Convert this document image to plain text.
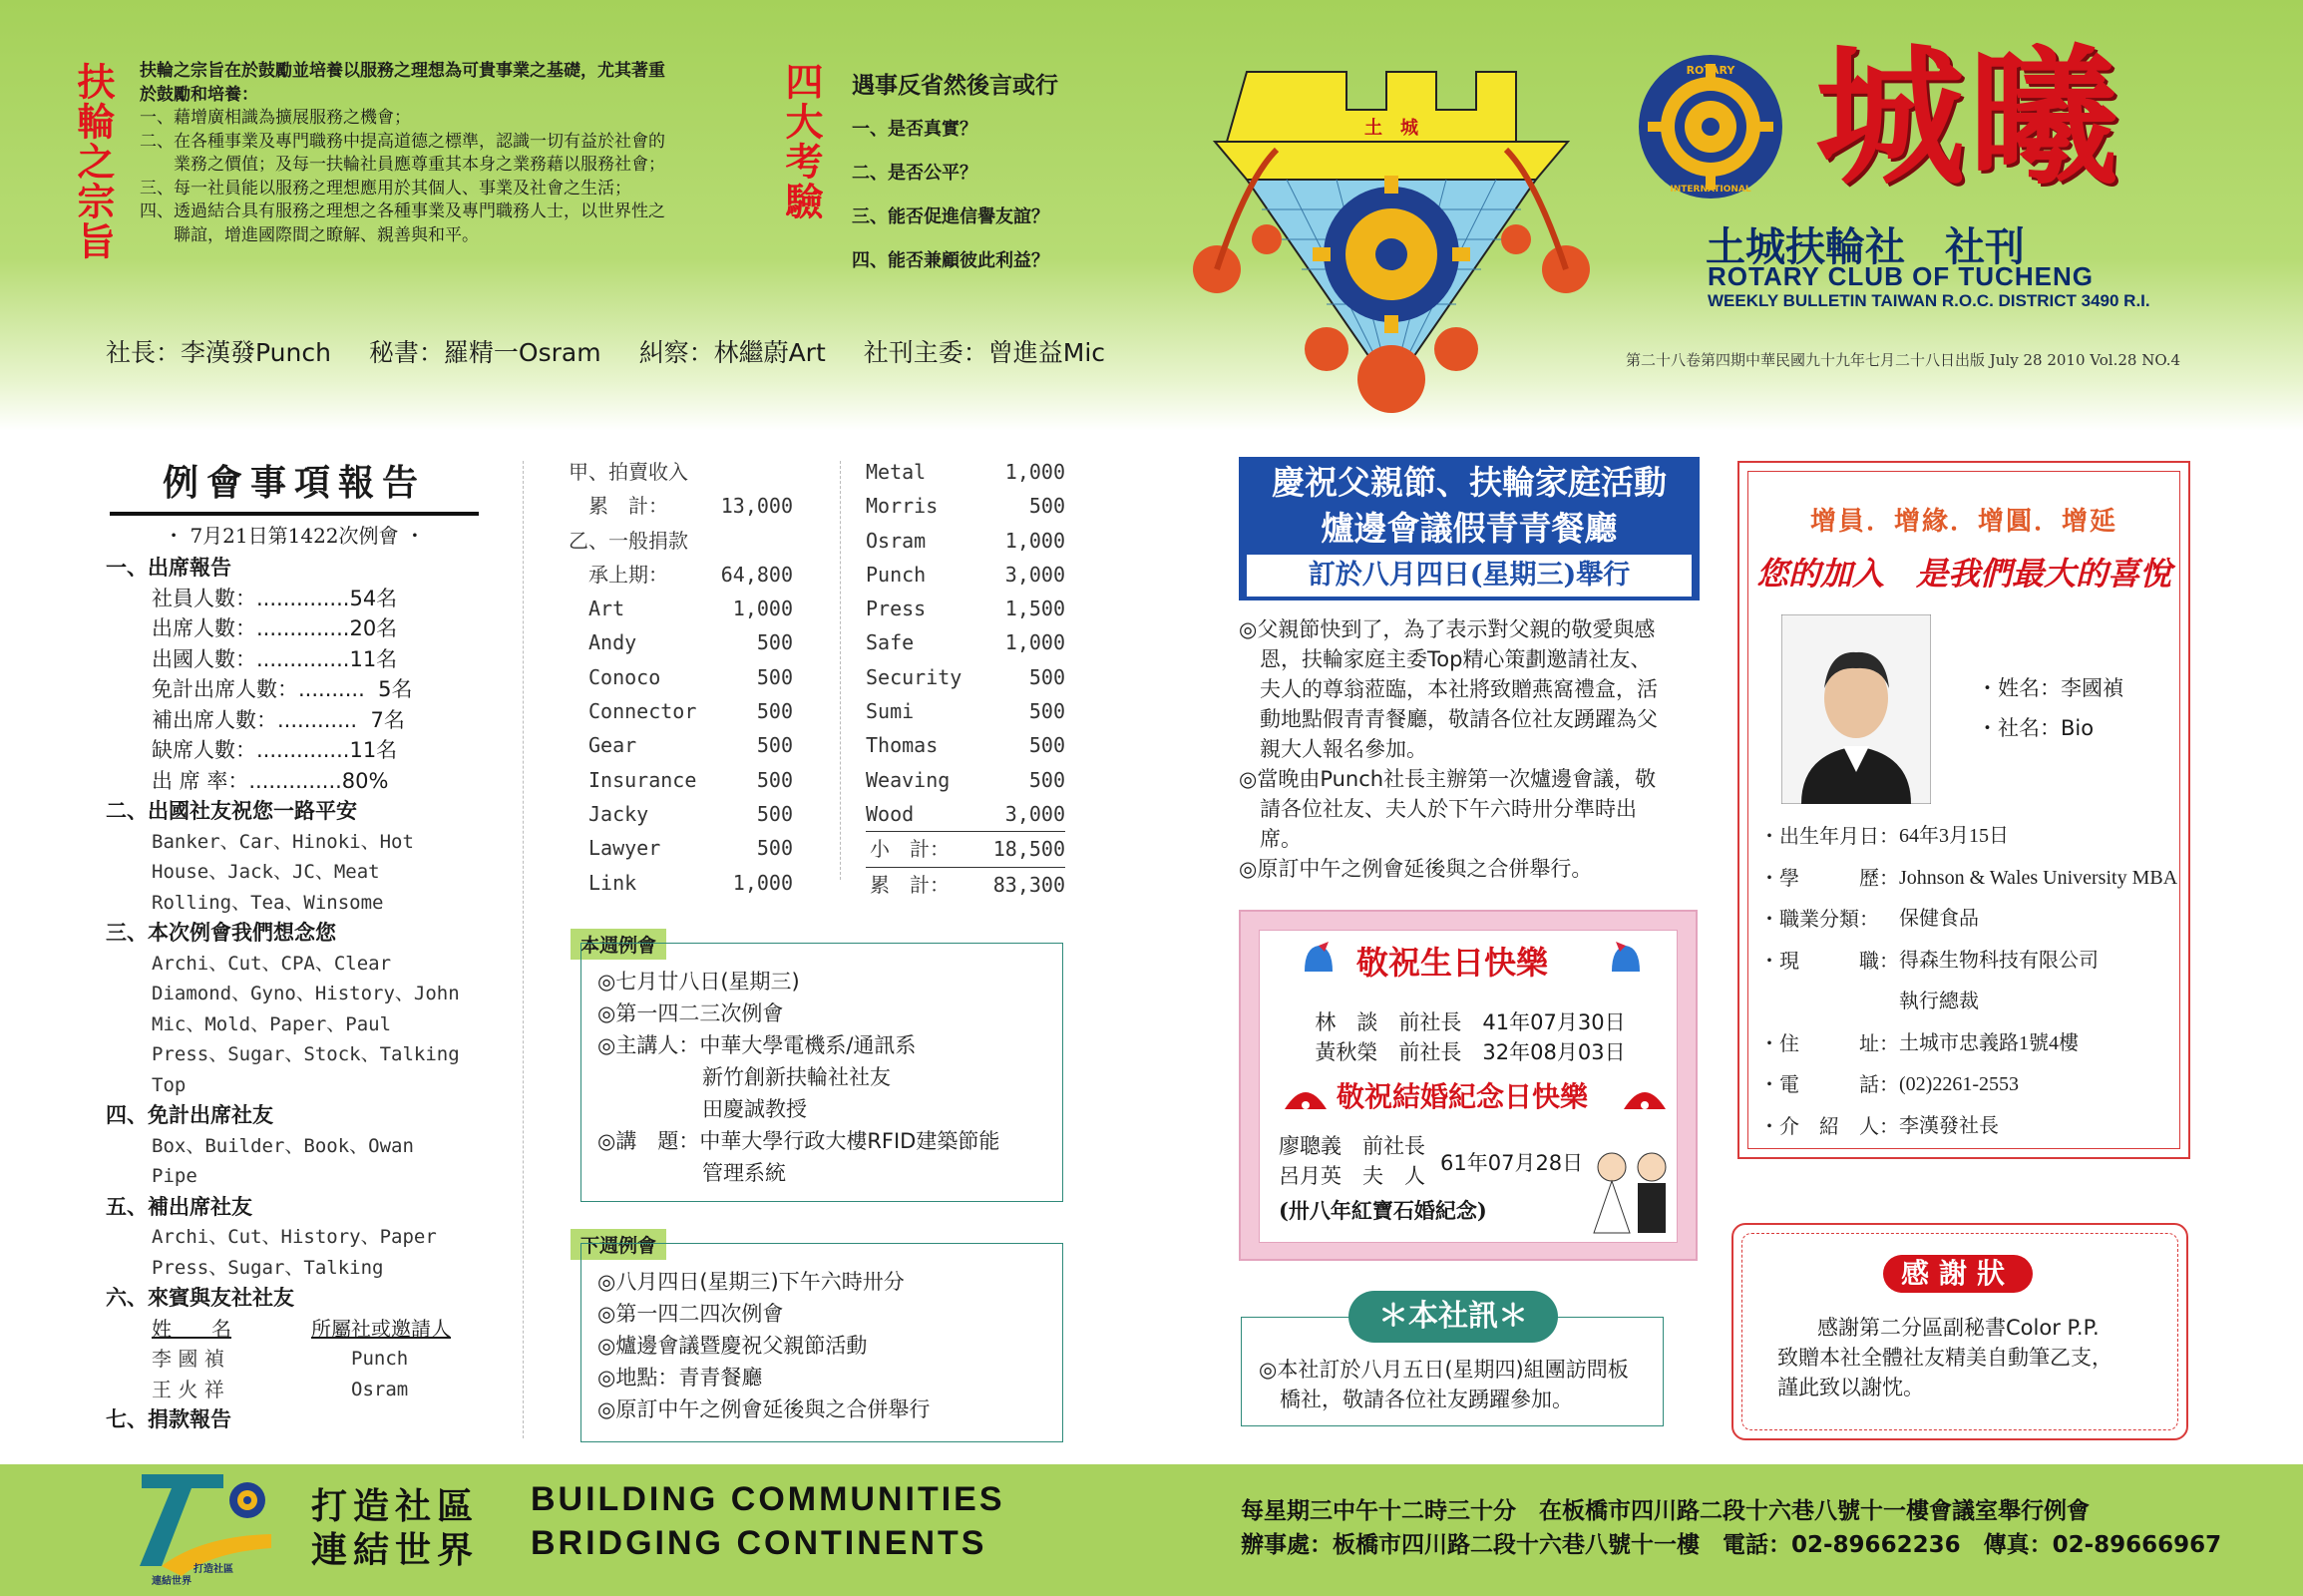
扶輪之宗旨 扶輪之宗旨在於鼓勵並培養以服務之理想為可貴事業之基礎，尤其著重
於鼓勵和培養：
一、藉增廣相識為擴展服務之機會；
二、在各種事業及專門職務中提高道德之標準，認識一切有益於社會的
　　業務之價值；及每一扶輪社員應尊重其本身之業務藉以服務社會；
三、每一社員能以服務之理想應用於其個人、事業及社會之生活；
四、透過結合具有服務之理想之各種事業及專門職務人士，以世界性之
　　聯誼，增進國際間之瞭解、親善與和平。
四大考驗 遇事反省然後言或行
一、是否真實？
二、是否公平？
三、能否促進信譽友誼？
四、能否兼顧彼此利益？
社長：李漢發Punch 秘書：羅精一Osram 糾察：林繼蔚Art 社刊主委：曾進益Mic
土　城
ROTARY
INTERNATIONAL 城曦
土城扶輪社　社刊
ROTARY CLUB OF TUCHENG
WEEKLY BULLETIN TAIWAN R.O.C. DISTRICT 3490 R.I.
第二十八卷第四期中華民國九十九年七月二十八日出版 July 28 2010 Vol.28 NO.4
例會事項報告
・ 7月21日第1422次例會 ・
一、出席報告
社員人數：..............54名
出席人數：..............20名
出國人數：..............11名
免計出席人數：..........  5名
補出席人數：............  7名
缺席人數：..............11名
出 席 率：..............80%
二、出國社友祝您一路平安
Banker、Car、Hinoki、Hot
House、Jack、JC、Meat
Rolling、Tea、Winsome
三、本次例會我們想念您
Archi、Cut、CPA、Clear
Diamond、Gyno、History、John
Mic、Mold、Paper、Paul
Press、Sugar、Stock、Talking
Top
四、免計出席社友
Box、Builder、Book、Owan
Pipe
五、補出席社友
Archi、Cut、History、Paper
Press、Sugar、Talking
六、來賓與友社社友
姓　　名	所屬社或邀請人
李 國 禎	Punch
王 火 祥	Osram
七、捐款報告
甲、拍賣收入
　累　計：	13,000
乙、一般捐款
　承上期：	64,800
　Art	1,000
　Andy	500
　Conoco	500
　Connector	500
　Gear	500
　Insurance	500
　Jacky	500
　Lawyer	500
　Link	1,000
Metal	1,000
Morris	500
Osram	1,000
Punch	3,000
Press	1,500
Safe	1,000
Security	500
Sumi	500
Thomas	500
Weaving	500
Wood	3,000
小　計：	18,500
累　計：	83,300
本週例會
◎七月廿八日(星期三)
◎第一四二三次例會
◎主講人：中華大學電機系/通訊系
　　　　　新竹創新扶輪社社友
　　　　　田慶誠教授
◎講　題：中華大學行政大樓RFID建築節能
　　　　　管理系統
下週例會
◎八月四日(星期三)下午六時卅分
◎第一四二四次例會
◎爐邊會議暨慶祝父親節活動
◎地點：青青餐廳
◎原訂中午之例會延後與之合併舉行
慶祝父親節、扶輪家庭活動
爐邊會議假青青餐廳
訂於八月四日(星期三)舉行
◎父親節快到了，為了表示對父親的敬愛與感
　恩，扶輪家庭主委Top精心策劃邀請社友、
　夫人的尊翁蒞臨，本社將致贈燕窩禮盒，活
　動地點假青青餐廳，敬請各位社友踴躍為父
　親大人報名參加。
◎當晚由Punch社長主辦第一次爐邊會議，敬
　請各位社友、夫人於下午六時卅分準時出
　席。
◎原訂中午之例會延後與之合併舉行。
敬祝生日快樂
林　談　前社長　41年07月30日
黃秋榮　前社長　32年08月03日
敬祝結婚紀念日快樂
廖聰義　前社長
呂月英　夫　人
61年07月28日
(卅八年紅寶石婚紀念)
＊本社訊＊
◎本社訂於八月五日(星期四)組團訪問板
　橋社，敬請各位社友踴躍參加。
增員．增緣．增圓．增延
您的加入　是我們最大的喜悅
・姓名：李國禎
・社名：Bio
・出生年月日： 64年3月15日
・學　　　歷： Johnson & Wales University MBA
・職業分類：	保健食品
・現　　　職： 得森生物科技有限公司
執行總裁
・住　　　址： 土城市忠義路1號4樓
・電　　　話： (02)2261-2553
・介　紹　人： 李漢發社長
感謝狀
感謝第二分區副秘書Color P.P.
致贈本社全體社友精美自動筆乙支，
謹此致以謝忱。
打造社區
連結世界
打造社區 BUILDING COMMUNITIES
連結世界 BRIDGING CONTINENTS
每星期三中午十二時三十分　在板橋市四川路二段十六巷八號十一樓會議室舉行例會
辦事處：板橋市四川路二段十六巷八號十一樓　電話：02-89662236　傳真：02-89666967
